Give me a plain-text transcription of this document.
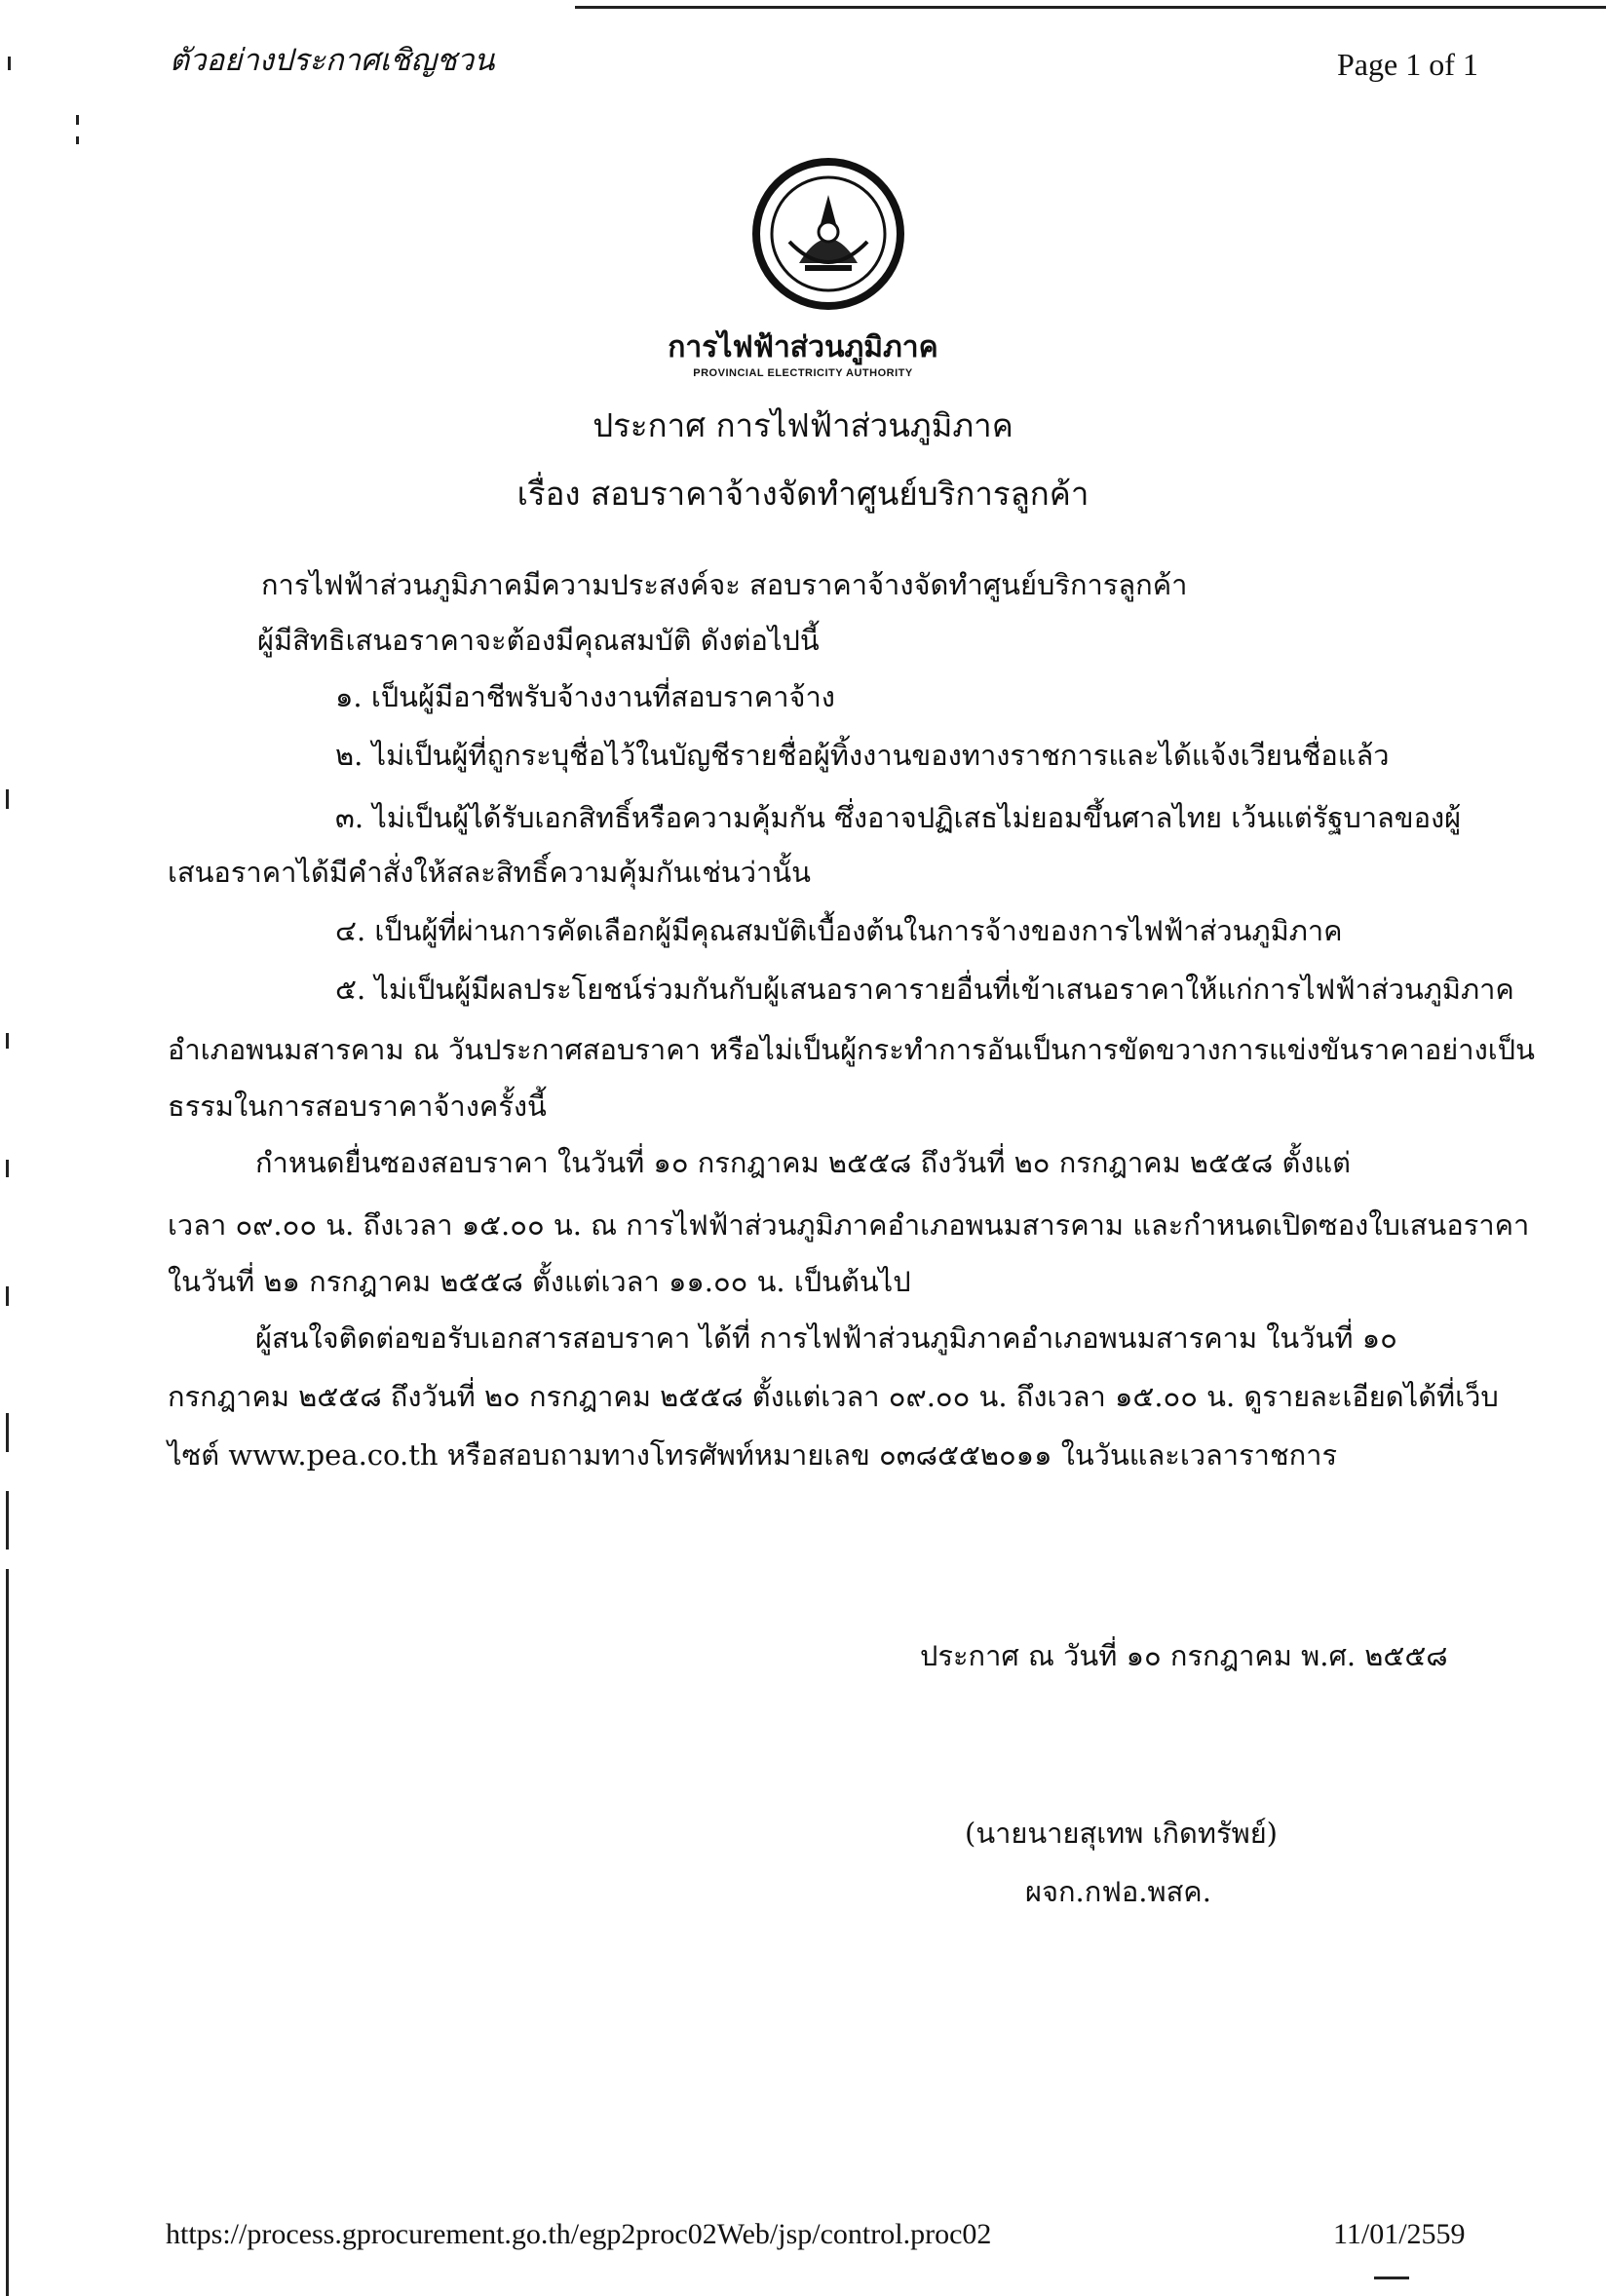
ตัวอย่างประกาศเชิญชวน	Page 1 of 1
การไฟฟ้าส่วนภูมิภาค
PROVINCIAL ELECTRICITY AUTHORITY
ประกาศ การไฟฟ้าส่วนภูมิภาค
เรื่อง สอบราคาจ้างจัดทำศูนย์บริการลูกค้า
การไฟฟ้าส่วนภูมิภาคมีความประสงค์จะ สอบราคาจ้างจัดทำศูนย์บริการลูกค้า
ผู้มีสิทธิเสนอราคาจะต้องมีคุณสมบัติ ดังต่อไปนี้
๑. เป็นผู้มีอาชีพรับจ้างงานที่สอบราคาจ้าง
๒. ไม่เป็นผู้ที่ถูกระบุชื่อไว้ในบัญชีรายชื่อผู้ทิ้งงานของทางราชการและได้แจ้งเวียนชื่อแล้ว
๓. ไม่เป็นผู้ได้รับเอกสิทธิ์หรือความคุ้มกัน ซึ่งอาจปฏิเสธไม่ยอมขึ้นศาลไทย เว้นแต่รัฐบาลของผู้
เสนอราคาได้มีคำสั่งให้สละสิทธิ์ความคุ้มกันเช่นว่านั้น
๔. เป็นผู้ที่ผ่านการคัดเลือกผู้มีคุณสมบัติเบื้องต้นในการจ้างของการไฟฟ้าส่วนภูมิภาค
๕. ไม่เป็นผู้มีผลประโยชน์ร่วมกันกับผู้เสนอราคารายอื่นที่เข้าเสนอราคาให้แก่การไฟฟ้าส่วนภูมิภาค
อำเภอพนมสารคาม ณ วันประกาศสอบราคา หรือไม่เป็นผู้กระทำการอันเป็นการขัดขวางการแข่งขันราคาอย่างเป็น
ธรรมในการสอบราคาจ้างครั้งนี้
กำหนดยื่นซองสอบราคา ในวันที่ ๑๐ กรกฎาคม ๒๕๕๘ ถึงวันที่ ๒๐ กรกฎาคม ๒๕๕๘ ตั้งแต่
เวลา ๐๙.๐๐ น. ถึงเวลา ๑๕.๐๐ น. ณ การไฟฟ้าส่วนภูมิภาคอำเภอพนมสารคาม และกำหนดเปิดซองใบเสนอราคา
ในวันที่ ๒๑ กรกฎาคม ๒๕๕๘ ตั้งแต่เวลา ๑๑.๐๐ น. เป็นต้นไป
ผู้สนใจติดต่อขอรับเอกสารสอบราคา ได้ที่ การไฟฟ้าส่วนภูมิภาคอำเภอพนมสารคาม ในวันที่ ๑๐
กรกฎาคม ๒๕๕๘ ถึงวันที่ ๒๐ กรกฎาคม ๒๕๕๘ ตั้งแต่เวลา ๐๙.๐๐ น. ถึงเวลา ๑๕.๐๐ น. ดูรายละเอียดได้ที่เว็บ
ไซต์ www.pea.co.th หรือสอบถามทางโทรศัพท์หมายเลข ๐๓๘๕๕๒๐๑๑ ในวันและเวลาราชการ
ประกาศ ณ วันที่ ๑๐ กรกฎาคม พ.ศ. ๒๕๕๘
(นายนายสุเทพ เกิดทรัพย์)
ผจก.กฟอ.พสค.
https://process.gprocurement.go.th/egp2proc02Web/jsp/control.proc02	11/01/2559
